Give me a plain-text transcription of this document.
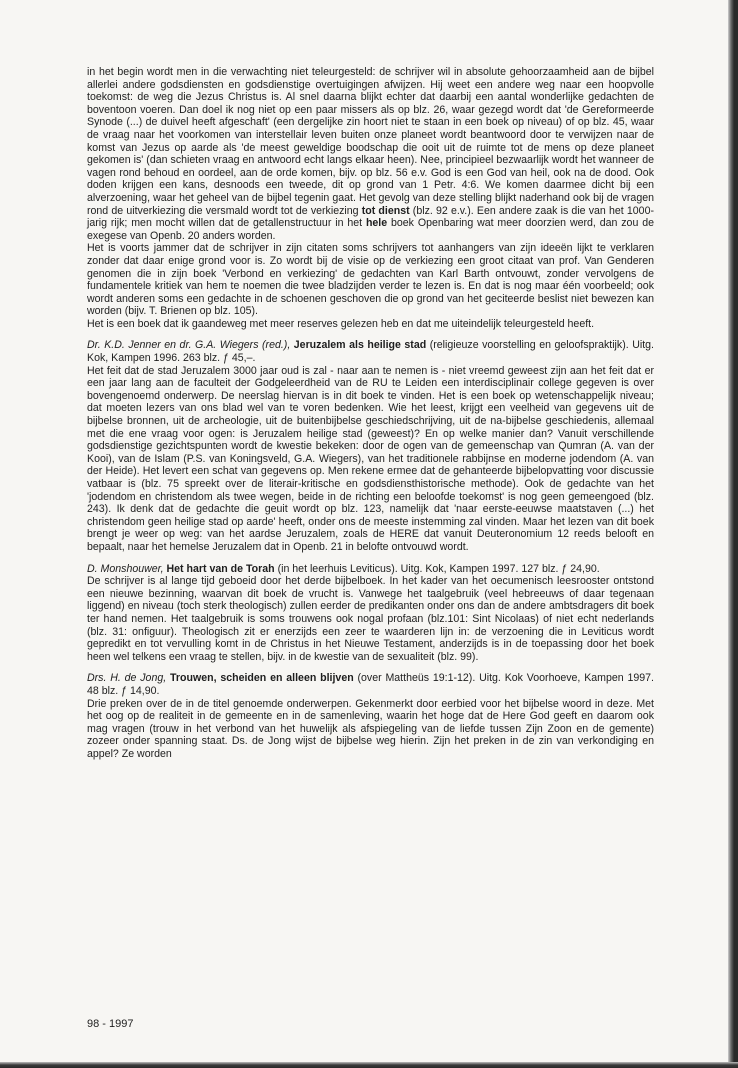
in het begin wordt men in die verwachting niet teleurgesteld: de schrijver wil in absolute gehoorzaamheid aan de bijbel allerlei andere godsdiensten en godsdienstige overtuigingen afwijzen. Hij weet een andere weg naar een hoopvolle toekomst: de weg die Jezus Christus is. Al snel daarna blijkt echter dat daarbij een aantal wonderlijke gedachten de boventoon voeren. Dan doel ik nog niet op een paar missers als op blz. 26, waar gezegd wordt dat 'de Gereformeerde Synode (...) de duivel heeft afgeschaft' (een dergelijke zin hoort niet te staan in een boek op niveau) of op blz. 45, waar de vraag naar het voorkomen van interstellair leven buiten onze planeet wordt beantwoord door te verwijzen naar de komst van Jezus op aarde als 'de meest geweldige boodschap die ooit uit de ruimte tot de mens op deze planeet gekomen is' (dan schieten vraag en antwoord echt langs elkaar heen). Nee, principieel bezwaarlijk wordt het wanneer de vagen rond behoud en oordeel, aan de orde komen, bijv. op blz. 56 e.v. God is een God van heil, ook na de dood. Ook doden krijgen een kans, desnoods een tweede, dit op grond van 1 Petr. 4:6. We komen daarmee dicht bij een alverzoening, waar het geheel van de bijbel tegenin gaat. Het gevolg van deze stelling blijkt naderhand ook bij de vragen rond de uitverkiezing die versmald wordt tot de verkiezing tot dienst (blz. 92 e.v.). Een andere zaak is die van het 1000-jarig rijk; men mocht willen dat de getallenstructuur in het hele boek Openbaring wat meer doorzien werd, dan zou de exegese van Openb. 20 anders worden.

Het is voorts jammer dat de schrijver in zijn citaten soms schrijvers tot aanhangers van zijn ideeën lijkt te verklaren zonder dat daar enige grond voor is. Zo wordt bij de visie op de verkiezing een groot citaat van prof. Van Genderen genomen die in zijn boek 'Verbond en verkiezing' de gedachten van Karl Barth ontvouwt, zonder vervolgens de fundamentele kritiek van hem te noemen die twee bladzijden verder te lezen is. En dat is nog maar één voorbeeld; ook wordt anderen soms een gedachte in de schoenen geschoven die op grond van het geciteerde beslist niet bewezen kan worden (bijv. T. Brienen op blz. 105).

Het is een boek dat ik gaandeweg met meer reserves gelezen heb en dat me uiteindelijk teleurgesteld heeft.

Dr. K.D. Jenner en dr. G.A. Wiegers (red.), Jeruzalem als heilige stad (religieuze voorstelling en geloofspraktijk). Uitg. Kok, Kampen 1996. 263 blz. ƒ 45,–.

Het feit dat de stad Jeruzalem 3000 jaar oud is zal - naar aan te nemen is - niet vreemd geweest zijn aan het feit dat er een jaar lang aan de faculteit der Godgeleerdheid van de RU te Leiden een interdisciplinair college gegeven is over bovengenoemd onderwerp. De neerslag hiervan is in dit boek te vinden. Het is een boek op wetenschappelijk niveau; dat moeten lezers van ons blad wel van te voren bedenken. Wie het leest, krijgt een veelheid van gegevens uit de bijbelse bronnen, uit de archeologie, uit de buitenbijbelse geschiedschrijving, uit de na-bijbelse geschiedenis, allemaal met die ene vraag voor ogen: is Jeruzalem heilige stad (geweest)? En op welke manier dan? Vanuit verschillende godsdienstige gezichtspunten wordt de kwestie bekeken: door de ogen van de gemeenschap van Qumran (A. van der Kooi), van de Islam (P.S. van Koningsveld, G.A. Wiegers), van het traditionele rabbijnse en moderne jodendom (A. van der Heide). Het levert een schat van gegevens op. Men rekene ermee dat de gehanteerde bijbelopvatting voor discussie vatbaar is (blz. 75 spreekt over de literair-kritische en godsdiensthistorische methode). Ook de gedachte van het 'jodendom en christendom als twee wegen, beide in de richting een beloofde toekomst' is nog geen gemeengoed (blz. 243). Ik denk dat de gedachte die geuit wordt op blz. 123, namelijk dat 'naar eerste-eeuwse maatstaven (...) het christendom geen heilige stad op aarde' heeft, onder ons de meeste instemming zal vinden. Maar het lezen van dit boek brengt je weer op weg: van het aardse Jeruzalem, zoals de HERE dat vanuit Deuteronomium 12 reeds belooft en bepaalt, naar het hemelse Jeruzalem dat in Openb. 21 in belofte ontvouwd wordt.

D. Monshouwer, Het hart van de Torah (in het leerhuis Leviticus). Uitg. Kok, Kampen 1997. 127 blz. ƒ 24,90.

De schrijver is al lange tijd geboeid door het derde bijbelboek. In het kader van het oecumenisch leesrooster ontstond een nieuwe bezinning, waarvan dit boek de vrucht is. Vanwege het taalgebruik (veel hebreeuws of daar tegenaan liggend) en niveau (toch sterk theologisch) zullen eerder de predikanten onder ons dan de andere ambtsdragers dit boek ter hand nemen. Het taalgebruik is soms trouwens ook nogal profaan (blz.101: Sint Nicolaas) of niet echt nederlands (blz. 31: onfiguur). Theologisch zit er enerzijds een zeer te waarderen lijn in: de verzoening die in Leviticus wordt gepredikt en tot vervulling komt in de Christus in het Nieuwe Testament, anderzijds is in de toepassing door het boek heen wel telkens een vraag te stellen, bijv. in de kwestie van de sexualiteit (blz. 99).

Drs. H. de Jong, Trouwen, scheiden en alleen blijven (over Mattheüs 19:1-12). Uitg. Kok Voorhoeve, Kampen 1997. 48 blz. ƒ 14,90.

Drie preken over de in de titel genoemde onderwerpen. Gekenmerkt door eerbied voor het bijbelse woord in deze. Met het oog op de realiteit in de gemeente en in de samenleving, waarin het hoge dat de Here God geeft en daarom ook mag vragen (trouw in het verbond van het huwelijk als afspiegeling van de liefde tussen Zijn Zoon en de gemente) zozeer onder spanning staat. Ds. de Jong wijst de bijbelse weg hierin. Zijn het preken in de zin van verkondiging en appel? Ze worden

98 - 1997
